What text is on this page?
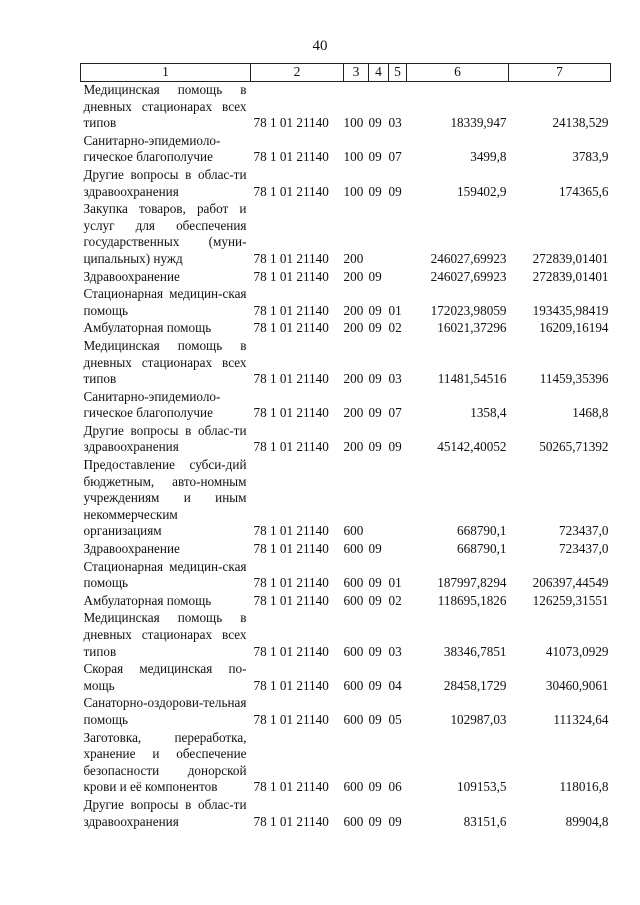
40
1	2	3	4	5	6	7
Медицинская помощь в дневных стационарах всех типов	78 1 01 21140	100	09	03	18339,947	24138,529
Санитарно-эпидемиоло-гическое благополучие	78 1 01 21140	100	09	07	3499,8	3783,9
Другие вопросы в облас-ти здравоохранения	78 1 01 21140	100	09	09	159402,9	174365,6
Закупка товаров, работ и услуг для обеспечения государственных (муни-ципальных) нужд	78 1 01 21140	200			246027,69923	272839,01401
Здравоохранение	78 1 01 21140	200	09		246027,69923	272839,01401
Стационарная медицин-ская помощь	78 1 01 21140	200	09	01	172023,98059	193435,98419
Амбулаторная помощь	78 1 01 21140	200	09	02	16021,37296	16209,16194
Медицинская помощь в дневных стационарах всех типов	78 1 01 21140	200	09	03	11481,54516	11459,35396
Санитарно-эпидемиоло-гическое благополучие	78 1 01 21140	200	09	07	1358,4	1468,8
Другие вопросы в облас-ти здравоохранения	78 1 01 21140	200	09	09	45142,40052	50265,71392
Предоставление субси-дий бюджетным, авто-номным учреждениям и иным некоммерческим организациям	78 1 01 21140	600			668790,1	723437,0
Здравоохранение	78 1 01 21140	600	09		668790,1	723437,0
Стационарная медицин-ская помощь	78 1 01 21140	600	09	01	187997,8294	206397,44549
Амбулаторная помощь	78 1 01 21140	600	09	02	118695,1826	126259,31551
Медицинская помощь в дневных стационарах всех типов	78 1 01 21140	600	09	03	38346,7851	41073,0929
Скорая медицинская по-мощь	78 1 01 21140	600	09	04	28458,1729	30460,9061
Санаторно-оздорови-тельная помощь	78 1 01 21140	600	09	05	102987,03	111324,64
Заготовка, переработка, хранение и обеспечение безопасности донорской крови и её компонентов	78 1 01 21140	600	09	06	109153,5	118016,8
Другие вопросы в облас-ти здравоохранения	78 1 01 21140	600	09	09	83151,6	89904,8
